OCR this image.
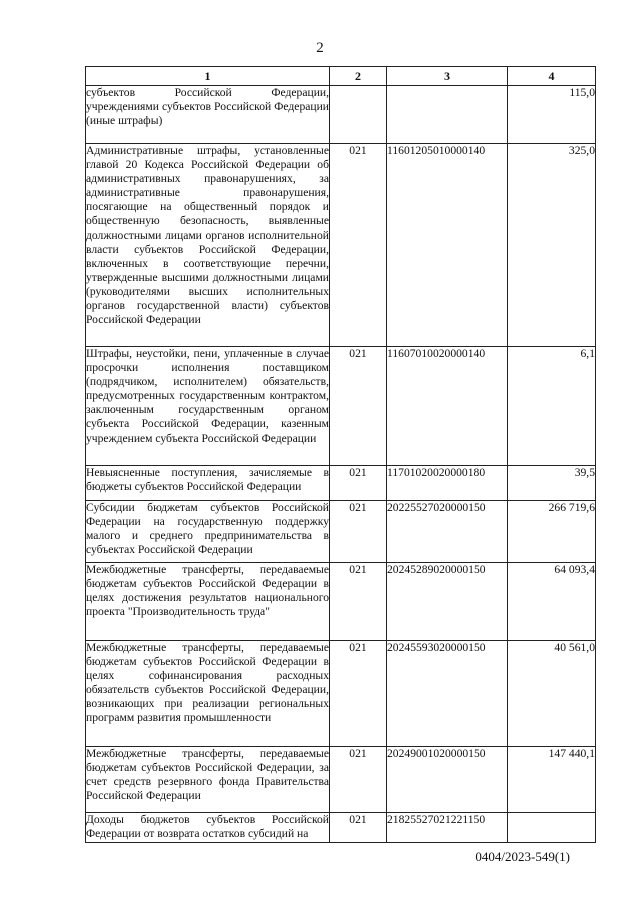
2
1	2	3	4
субъектов Российской Федерации, учреждениями субъектов Российской Федерации (иные штрафы)			115,0
Административные штрафы, установленные главой 20 Кодекса Российской Федерации об административных правонарушениях, за административные правонарушения, посягающие на общественный порядок и общественную безопасность, выявленные должностными лицами органов исполнительной власти субъектов Российской Федерации, включенных в соответствующие перечни, утвержденные высшими должностными лицами (руководителями высших исполнительных органов государственной власти) субъектов Российской Федерации	021	11601205010000140	325,0
Штрафы, неустойки, пени, уплаченные в случае просрочки исполнения поставщиком (подрядчиком, исполнителем) обязательств, предусмотренных государственным контрактом, заключенным государственным органом субъекта Российской Федерации, казенным учреждением субъекта Российской Федерации	021	11607010020000140	6,1
Невыясненные поступления, зачисляемые в бюджеты субъектов Российской Федерации	021	11701020020000180	39,5
Субсидии бюджетам субъектов Российской Федерации на государственную поддержку малого и среднего предпринимательства в субъектах Российской Федерации	021	20225527020000150	266 719,6
Межбюджетные трансферты, передаваемые бюджетам субъектов Российской Федерации в целях достижения результатов национального проекта "Производительность труда"	021	20245289020000150	64 093,4
Межбюджетные трансферты, передаваемые бюджетам субъектов Российской Федерации в целях софинансирования расходных обязательств субъектов Российской Федерации, возникающих при реализации региональных программ развития промышленности	021	20245593020000150	40 561,0
Межбюджетные трансферты, передаваемые бюджетам субъектов Российской Федерации, за счет средств резервного фонда Правительства Российской Федерации	021	20249001020000150	147 440,1
Доходы бюджетов субъектов Российской Федерации от возврата остатков субсидий на	021	21825527021221150	
0404/2023-549(1)
